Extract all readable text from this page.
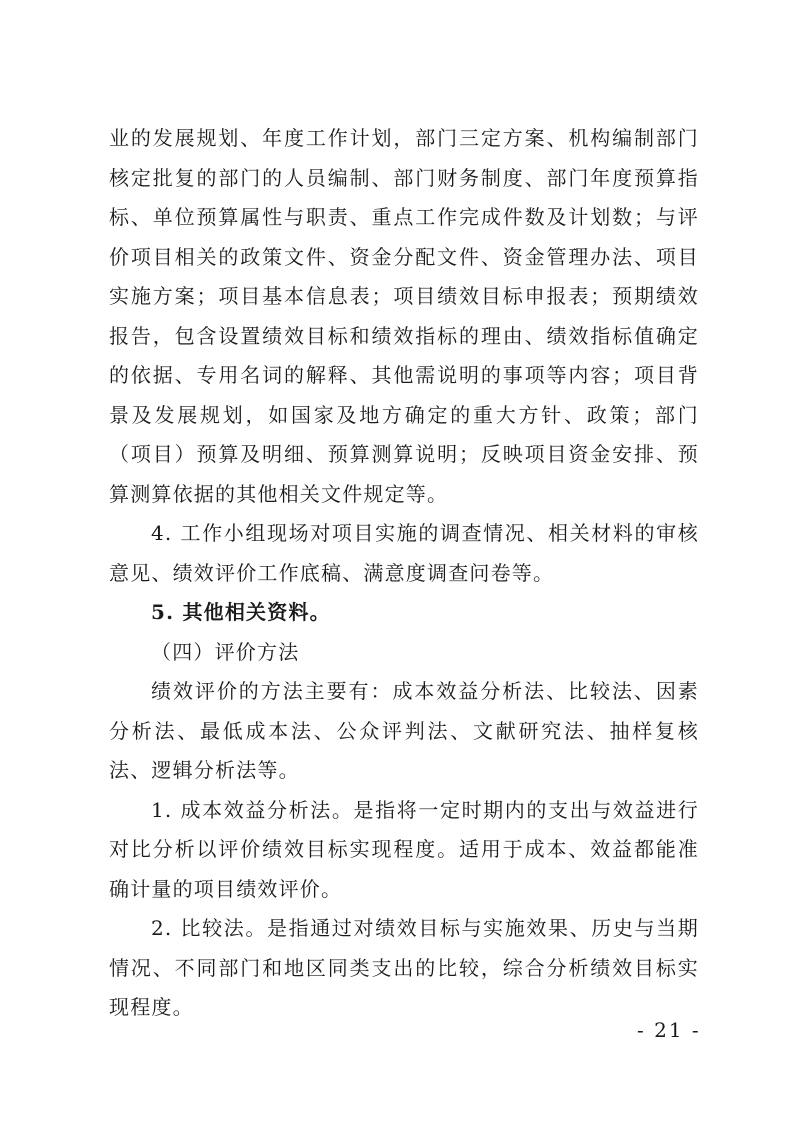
业的发展规划、年度工作计划，部门三定方案、机构编制部门核定批复的部门的人员编制、部门财务制度、部门年度预算指标、单位预算属性与职责、重点工作完成件数及计划数；与评价项目相关的政策文件、资金分配文件、资金管理办法、项目实施方案；项目基本信息表；项目绩效目标申报表；预期绩效报告，包含设置绩效目标和绩效指标的理由、绩效指标值确定的依据、专用名词的解释、其他需说明的事项等内容；项目背景及发展规划，如国家及地方确定的重大方针、政策；部门（项目）预算及明细、预算测算说明；反映项目资金安排、预算测算依据的其他相关文件规定等。

4. 工作小组现场对项目实施的调查情况、相关材料的审核意见、绩效评价工作底稿、满意度调查问卷等。

5. 其他相关资料。

（四）评价方法

绩效评价的方法主要有：成本效益分析法、比较法、因素分析法、最低成本法、公众评判法、文献研究法、抽样复核法、逻辑分析法等。

1. 成本效益分析法。是指将一定时期内的支出与效益进行对比分析以评价绩效目标实现程度。适用于成本、效益都能准确计量的项目绩效评价。

2. 比较法。是指通过对绩效目标与实施效果、历史与当期情况、不同部门和地区同类支出的比较，综合分析绩效目标实现程度。

- 21 -
